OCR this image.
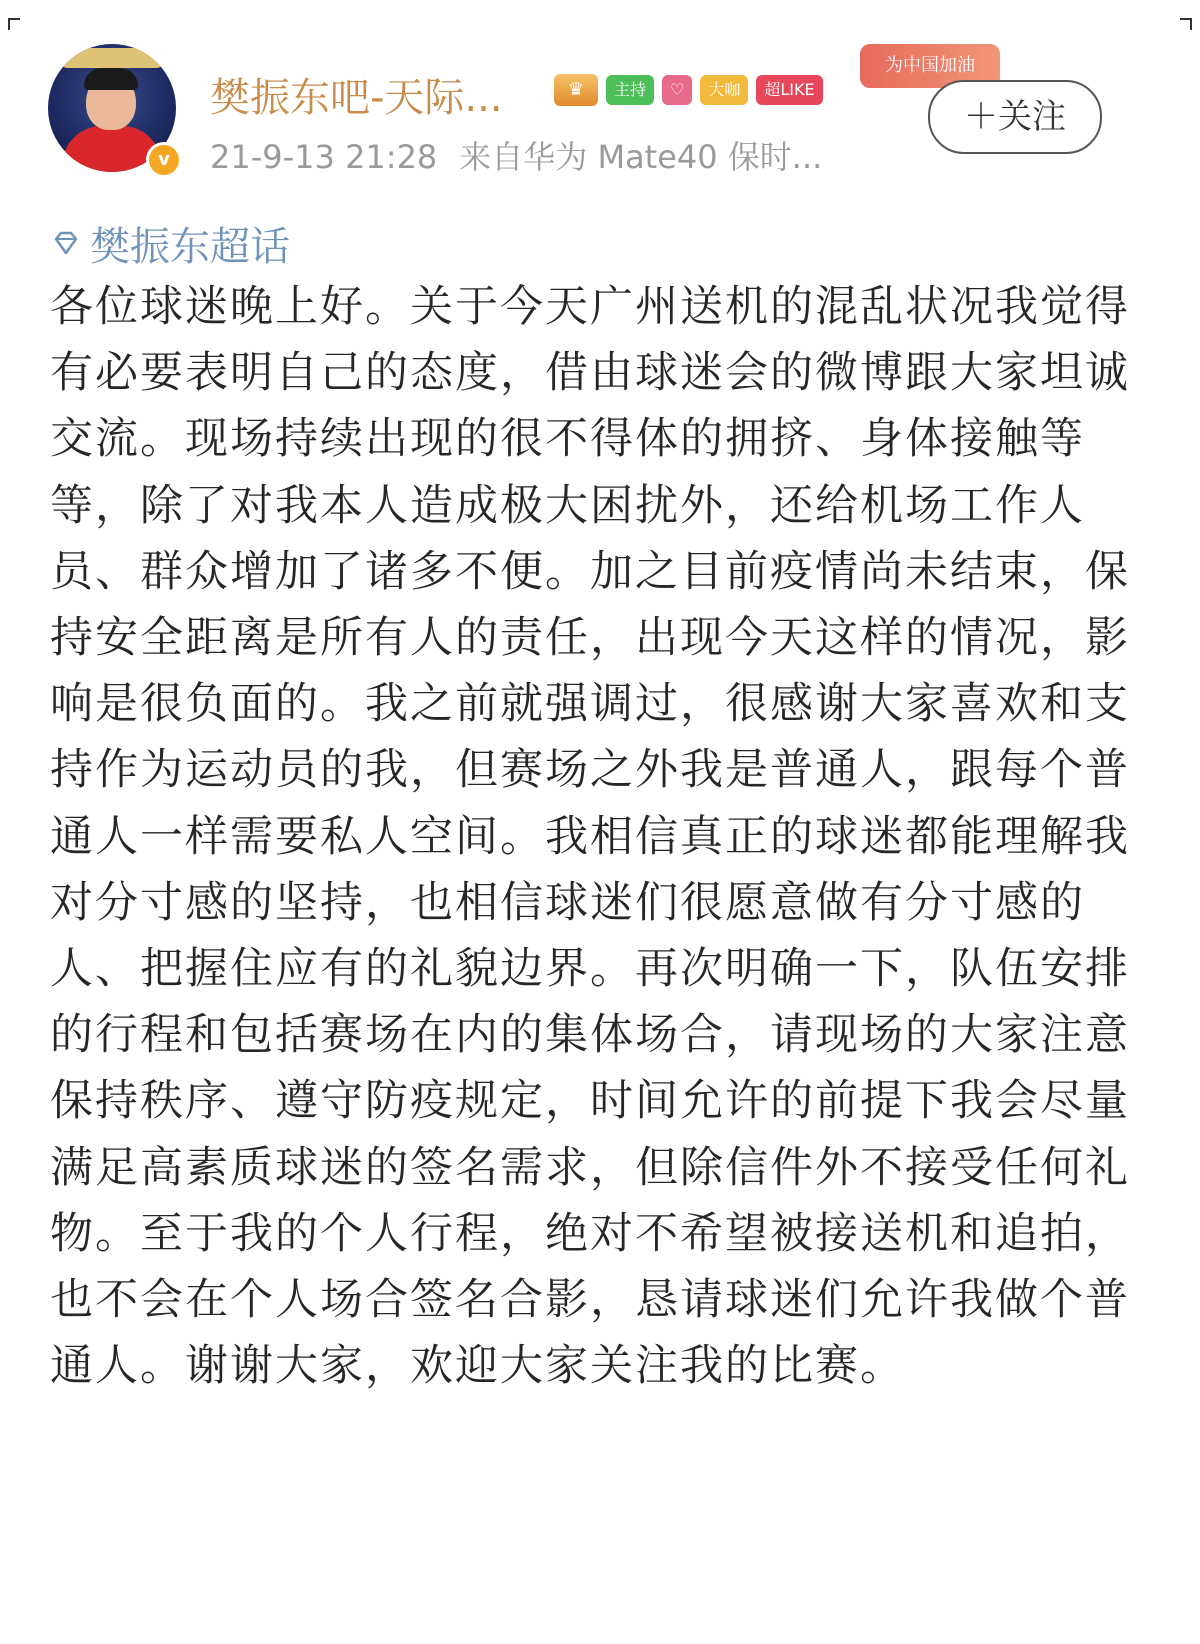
v
樊振东吧-天际...	♛	主持	♡	大咖	超LIKE
为中国加油
＋关注
21-9-13 21:28 来自华为 Mate40 保时...
樊振东超话
各位球迷晚上好。关于今天广州送机的混乱状况我觉得有必要表明自己的态度，借由球迷会的微博跟大家坦诚交流。现场持续出现的很不得体的拥挤、身体接触等等，除了对我本人造成极大困扰外，还给机场工作人员、群众增加了诸多不便。加之目前疫情尚未结束，保持安全距离是所有人的责任，出现今天这样的情况，影响是很负面的。我之前就强调过，很感谢大家喜欢和支持作为运动员的我，但赛场之外我是普通人，跟每个普通人一样需要私人空间。我相信真正的球迷都能理解我对分寸感的坚持，也相信球迷们很愿意做有分寸感的人、把握住应有的礼貌边界。再次明确一下，队伍安排的行程和包括赛场在内的集体场合，请现场的大家注意保持秩序、遵守防疫规定，时间允许的前提下我会尽量满足高素质球迷的签名需求，但除信件外不接受任何礼物。至于我的个人行程，绝对不希望被接送机和追拍，也不会在个人场合签名合影，恳请球迷们允许我做个普通人。谢谢大家，欢迎大家关注我的比赛。
